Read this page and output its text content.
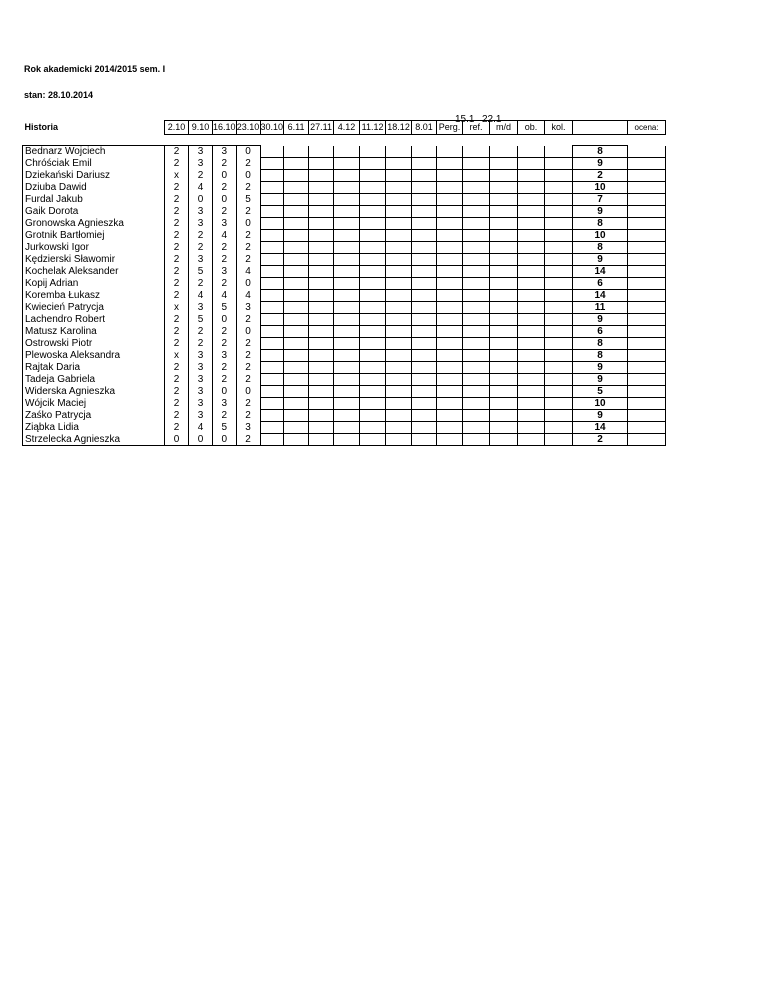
Rok akademicki 2014/2015 sem. I
stan: 28.10.2014
15.1 22.1
Historia	2.10	9.10	16.10	23.10	30.10	6.11	27.11	4.12	11.12	18.12	8.01	Perg.	ref.	m/d	ob.	kol.		ocena:

Bednarz Wojciech	2	3	3	0													8	
Chróściak Emil	2	3	2	2													9	
Dziekański Dariusz	x	2	0	0													2	
Dziuba Dawid	2	4	2	2													10	
Furdal Jakub	2	0	0	5													7	
Gaik Dorota	2	3	2	2													9	
Gronowska Agnieszka	2	3	3	0													8	
Grotnik Bartłomiej	2	2	4	2													10	
Jurkowski Igor	2	2	2	2													8	
Kędzierski Sławomir	2	3	2	2													9	
Kochelak Aleksander	2	5	3	4													14	
Kopij Adrian	2	2	2	0													6	
Koremba Łukasz	2	4	4	4													14	
Kwiecień Patrycja	x	3	5	3													11	
Lachendro Robert	2	5	0	2													9	
Matusz Karolina	2	2	2	0													6	
Ostrowski Piotr	2	2	2	2													8	
Plewoska Aleksandra	x	3	3	2													8	
Rajtak Daria	2	3	2	2													9	
Tadeja Gabriela	2	3	2	2													9	
Widerska Agnieszka	2	3	0	0													5	
Wójcik Maciej	2	3	3	2													10	
Zaśko Patrycja	2	3	2	2													9	
Ziąbka Lidia	2	4	5	3													14	
Strzelecka Agnieszka	0	0	0	2													2	
